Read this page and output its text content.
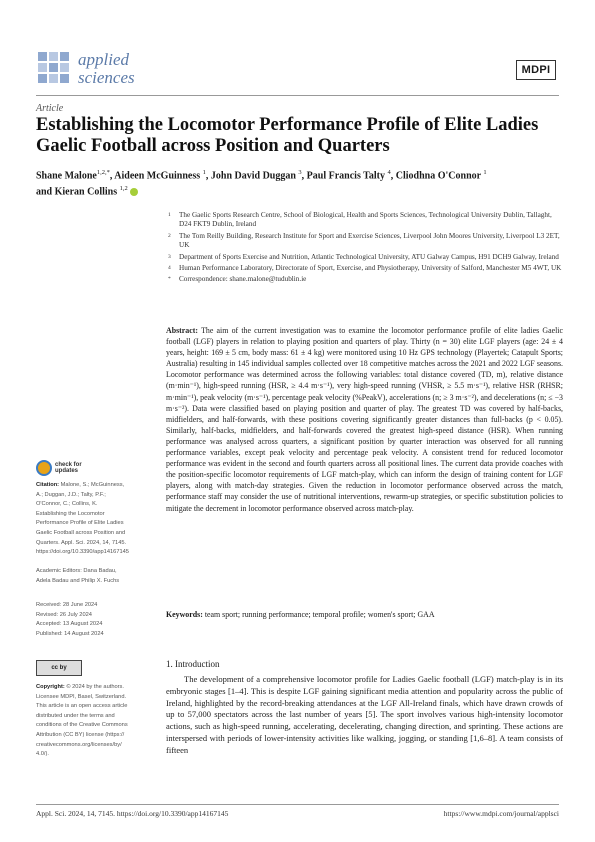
applied
sciences	MDPI
Article
Establishing the Locomotor Performance Profile of Elite Ladies Gaelic Football across Position and Quarters
Shane Malone$^{1,2,*}$, Aideen McGuinness $^1$, John David Duggan $^3$, Paul Francis Talty $^4$, Cliodhna O'Connor $^1$
and Kieran Collins $^{1,2}$
1	The Gaelic Sports Research Centre, School of Biological, Health and Sports Sciences, Technological University Dublin, Tallaght, D24 FKT9 Dublin, Ireland
2	The Tom Reilly Building, Research Institute for Sport and Exercise Sciences, Liverpool John Moores University, Liverpool L3 2ET, UK
3	Department of Sports Exercise and Nutrition, Atlantic Technological University, ATU Galway Campus, H91 DCH9 Galway, Ireland
4	Human Performance Laboratory, Directorate of Sport, Exercise, and Physiotherapy, University of Salford, Manchester M5 4WT, UK
*	Correspondence: shane.malone@tudublin.ie
Abstract: The aim of the current investigation was to examine the locomotor performance profile of elite ladies Gaelic football (LGF) players in relation to playing position and quarters of play. Thirty (n = 30) elite LGF players (age: 24 ± 4 years, height: 169 ± 5 cm, body mass: 61 ± 4 kg) were monitored using 10 Hz GPS technology (Playertek; Catapult Sports; Australia) resulting in 145 individual samples collected over 18 competitive matches across the 2021 and 2022 LGF seasons. Locomotor performance was determined across the following variables: total distance covered (TD, m), relative distance (m·min⁻¹), high-speed running (HSR, ≥ 4.4 m·s⁻¹), very high-speed running (VHSR, ≥ 5.5 m·s⁻¹), relative HSR (RHSR; m·min⁻¹), peak velocity (m·s⁻¹), percentage peak velocity (%PeakV), accelerations (n; ≥ 3 m·s⁻²), and decelerations (n; ≤ −3 m·s⁻²). Data were classified based on playing position and quarter of play. The greatest TD was covered by half-backs, midfielders, and half-forwards, with these positions covering significantly greater distances than full-backs (p < 0.05). Similarly, half-backs, midfielders, and half-forwards covered the greatest high-speed distance (HSR). When running performance was analysed across quarters, a significant position by quarter interaction was observed for all running performance variables, except peak velocity and percentage peak velocity. A consistent trend for reduced locomotor performance was evident in the second and fourth quarters across all positional lines. The current data provide coaches with the position-specific locomotor requirements of LGF match-play, which can inform the design of training content for LGF players, along with match-day strategies. Given the reduction in locomotor performance observed across the match, performance staff may consider the use of nutritional interventions, rewarm-up strategies, or specific substitution policies to mitigate the decrement in locomotor performance observed across match-play.
Keywords: team sport; running performance; temporal profile; women's sport; GAA
check for
updates
Citation: Malone, S.; McGuinness, A.; Duggan, J.D.; Talty, P.F.; O'Connor, C.; Collins, K. Establishing the Locomotor Performance Profile of Elite Ladies Gaelic Football across Position and Quarters. Appl. Sci. 2024, 14, 7145. https://doi.org/10.3390/app14167145
Academic Editors: Dana Badau, Adela Badau and Philip X. Fuchs
Received: 28 June 2024
Revised: 26 July 2024
Accepted: 13 August 2024
Published: 14 August 2024
cc by
Copyright: © 2024 by the authors. Licensee MDPI, Basel, Switzerland. This article is an open access article distributed under the terms and conditions of the Creative Commons Attribution (CC BY) license (https:// creativecommons.org/licenses/by/ 4.0/).
1. Introduction

The development of a comprehensive locomotor profile for Ladies Gaelic football (LGF) match-play is in its embryonic stages [1–4]. This is despite LGF gaining significant media attention and popularity across the public of Ireland, highlighted by the record-breaking attendances at the LGF All-Ireland finals, which have drawn crowds of up to 57,000 spectators across the last number of years [5]. The sport involves various high-intensity locomotor actions, such as high-speed running, accelerating, decelerating, changing direction, and sprinting. These actions are interspersed with periods of lower-intensity activities like walking, jogging, or standing [1,6–8]. A team consists of fifteen

Appl. Sci. 2024, 14, 7145. https://doi.org/10.3390/app14167145	https://www.mdpi.com/journal/applsci
